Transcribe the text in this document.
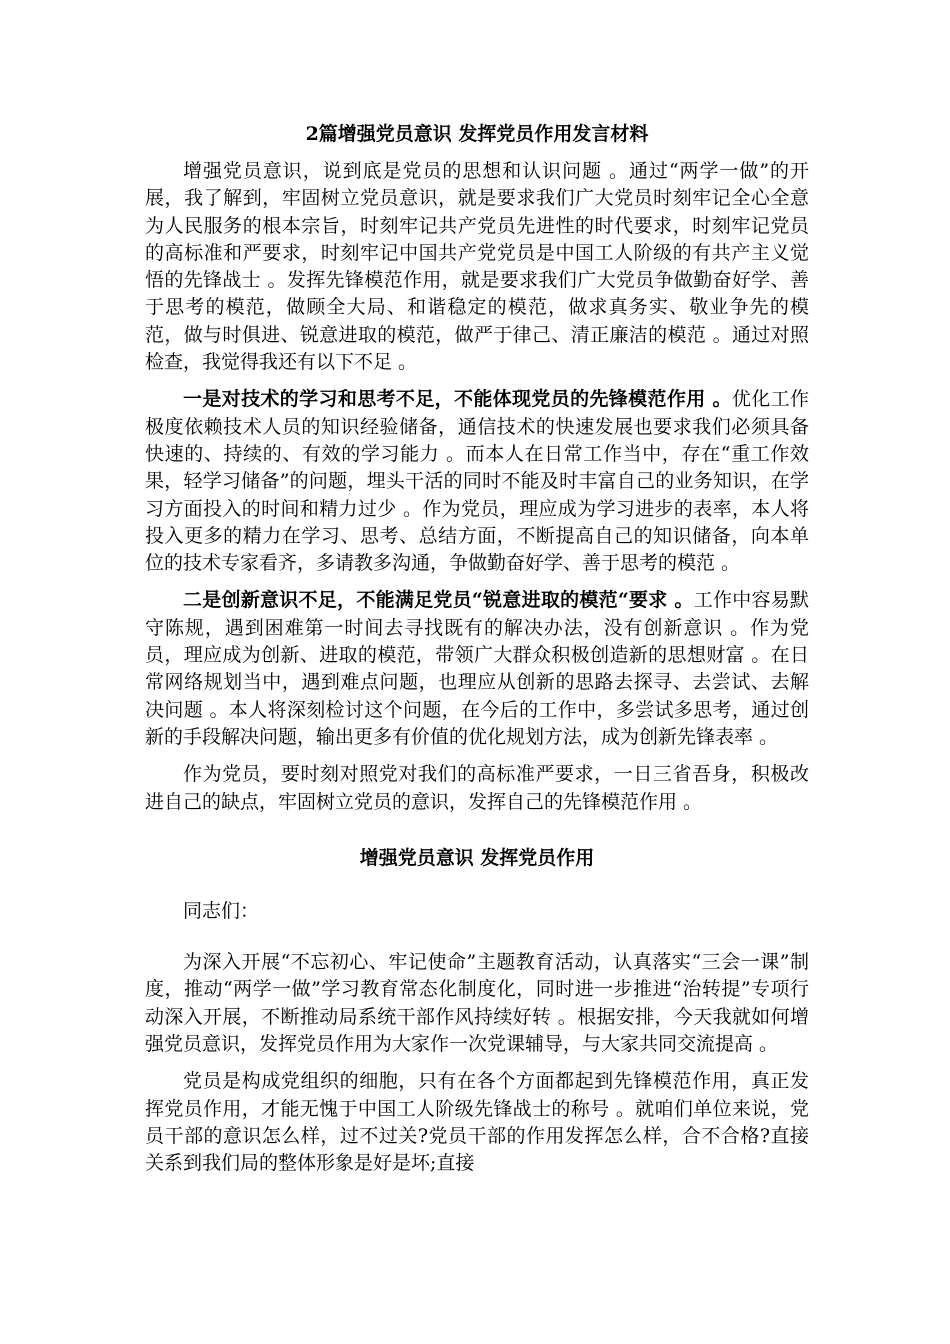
2篇增强党员意识 发挥党员作用发言材料

增强党员意识，说到底是党员的思想和认识问题 。通过“两学一做”的开展，我了解到，牢固树立党员意识，就是要求我们广大党员时刻牢记全心全意为人民服务的根本宗旨，时刻牢记共产党员先进性的时代要求，时刻牢记党员的高标准和严要求，时刻牢记中国共产党党员是中国工人阶级的有共产主义觉悟的先锋战士 。发挥先锋模范作用，就是要求我们广大党员争做勤奋好学、善于思考的模范，做顾全大局、和谐稳定的模范，做求真务实、敬业争先的模范，做与时俱进、锐意进取的模范，做严于律己、清正廉洁的模范 。通过对照检查，我觉得我还有以下不足 。

一是对技术的学习和思考不足，不能体现党员的先锋模范作用 。优化工作极度依赖技术人员的知识经验储备，通信技术的快速发展也要求我们必须具备快速的、持续的、有效的学习能力 。而本人在日常工作当中，存在“重工作效果，轻学习储备”的问题，埋头干活的同时不能及时丰富自己的业务知识，在学习方面投入的时间和精力过少 。作为党员，理应成为学习进步的表率，本人将投入更多的精力在学习、思考、总结方面，不断提高自己的知识储备，向本单位的技术专家看齐，多请教多沟通，争做勤奋好学、善于思考的模范 。

二是创新意识不足，不能满足党员“锐意进取的模范“要求 。工作中容易默守陈规，遇到困难第一时间去寻找既有的解决办法，没有创新意识 。作为党员，理应成为创新、进取的模范，带领广大群众积极创造新的思想财富 。在日常网络规划当中，遇到难点问题，也理应从创新的思路去探寻、去尝试、去解决问题 。本人将深刻检讨这个问题，在今后的工作中，多尝试多思考，通过创新的手段解决问题，输出更多有价值的优化规划方法，成为创新先锋表率 。

作为党员，要时刻对照党对我们的高标准严要求，一日三省吾身，积极改进自己的缺点，牢固树立党员的意识，发挥自己的先锋模范作用 。

增强党员意识 发挥党员作用

同志们：

为深入开展“不忘初心、牢记使命”主题教育活动，认真落实“三会一课”制度，推动“两学一做”学习教育常态化制度化，同时进一步推进“治转提”专项行动深入开展，不断推动局系统干部作风持续好转 。根据安排，今天我就如何增强党员意识，发挥党员作用为大家作一次党课辅导，与大家共同交流提高 。

党员是构成党组织的细胞，只有在各个方面都起到先锋模范作用，真正发挥党员作用，才能无愧于中国工人阶级先锋战士的称号 。就咱们单位来说，党员干部的意识怎么样，过不过关?党员干部的作用发挥怎么样，合不合格?直接关系到我们局的整体形象是好是坏;直接
